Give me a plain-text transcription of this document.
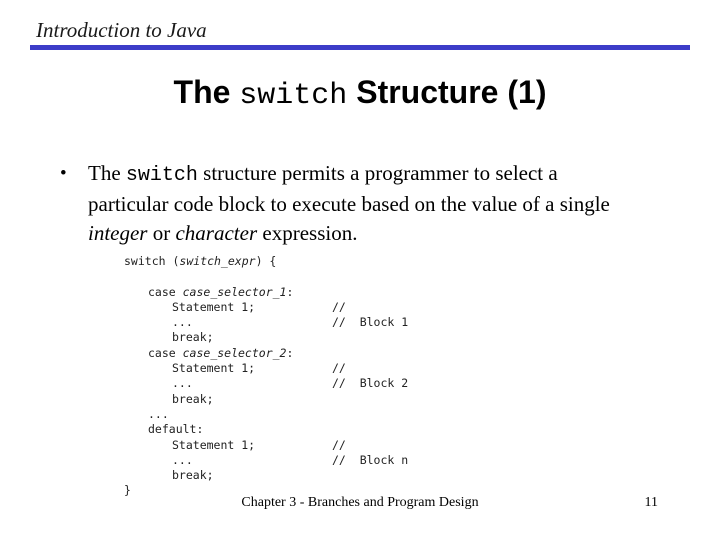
Introduction to Java
The switch Structure (1)
• The switch structure permits a programmer to select a particular code block to execute based on the value of a single integer or character expression.
switch (switch_expr) {

case case_selector_1:
Statement 1;	//
...	//  Block 1
break;
case case_selector_2:
Statement 1;	//
...	//  Block 2
break;
...
default:
Statement 1;	//
...	//  Block n
break;
}
Chapter 3 - Branches and Program Design	11
